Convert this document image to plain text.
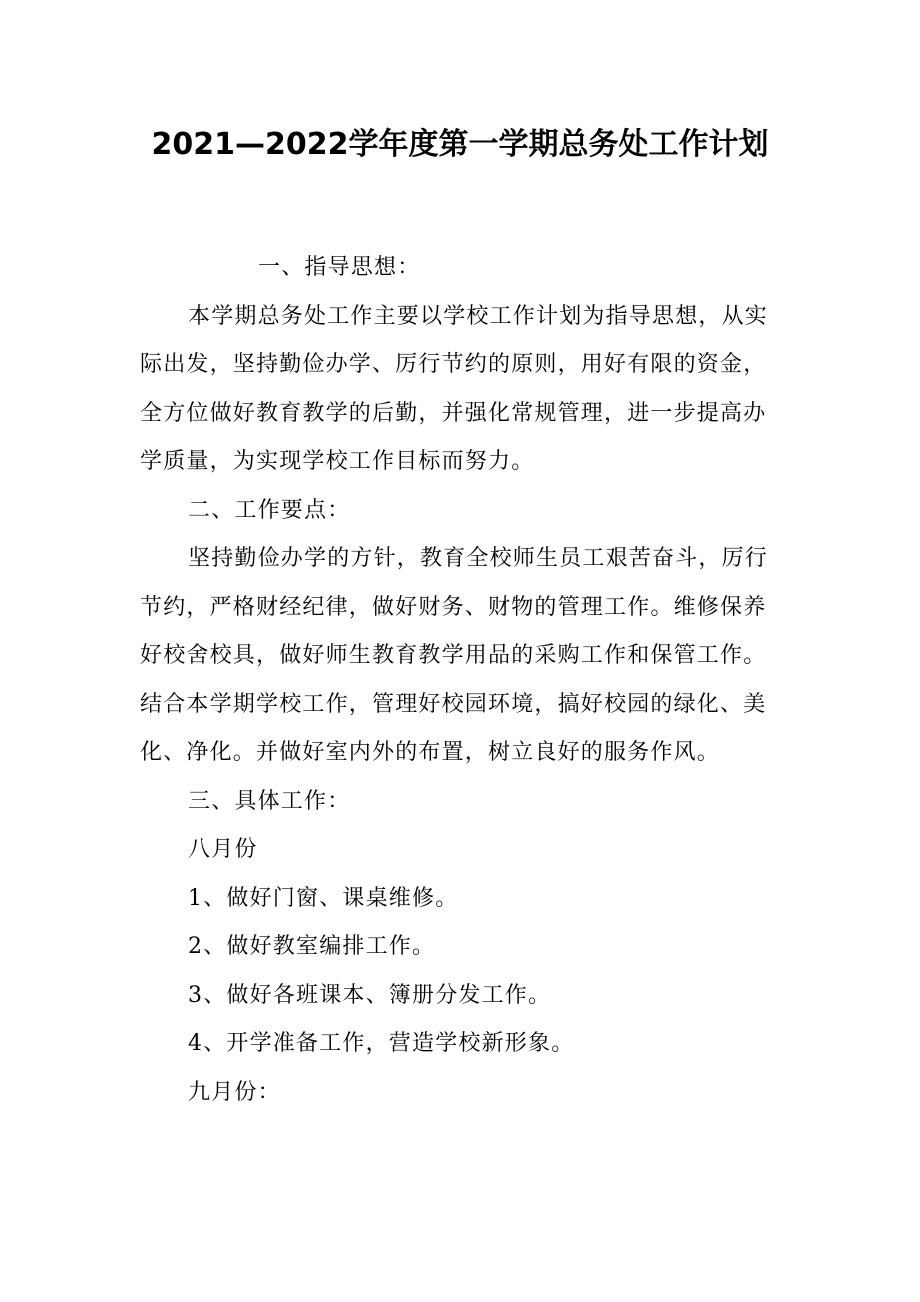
2021—2022学年度第一学期总务处工作计划

一、指导思想：

本学期总务处工作主要以学校工作计划为指导思想，从实际出发，坚持勤俭办学、厉行节约的原则，用好有限的资金，全方位做好教育教学的后勤，并强化常规管理，进一步提高办学质量，为实现学校工作目标而努力。

二、工作要点：

坚持勤俭办学的方针，教育全校师生员工艰苦奋斗，厉行节约，严格财经纪律，做好财务、财物的管理工作。维修保养好校舍校具，做好师生教育教学用品的采购工作和保管工作。结合本学期学校工作，管理好校园环境，搞好校园的绿化、美化、净化。并做好室内外的布置，树立良好的服务作风。

三、具体工作：

八月份

1、做好门窗、课桌维修。

2、做好教室编排工作。

3、做好各班课本、簿册分发工作。

4、开学准备工作，营造学校新形象。

九月份：
